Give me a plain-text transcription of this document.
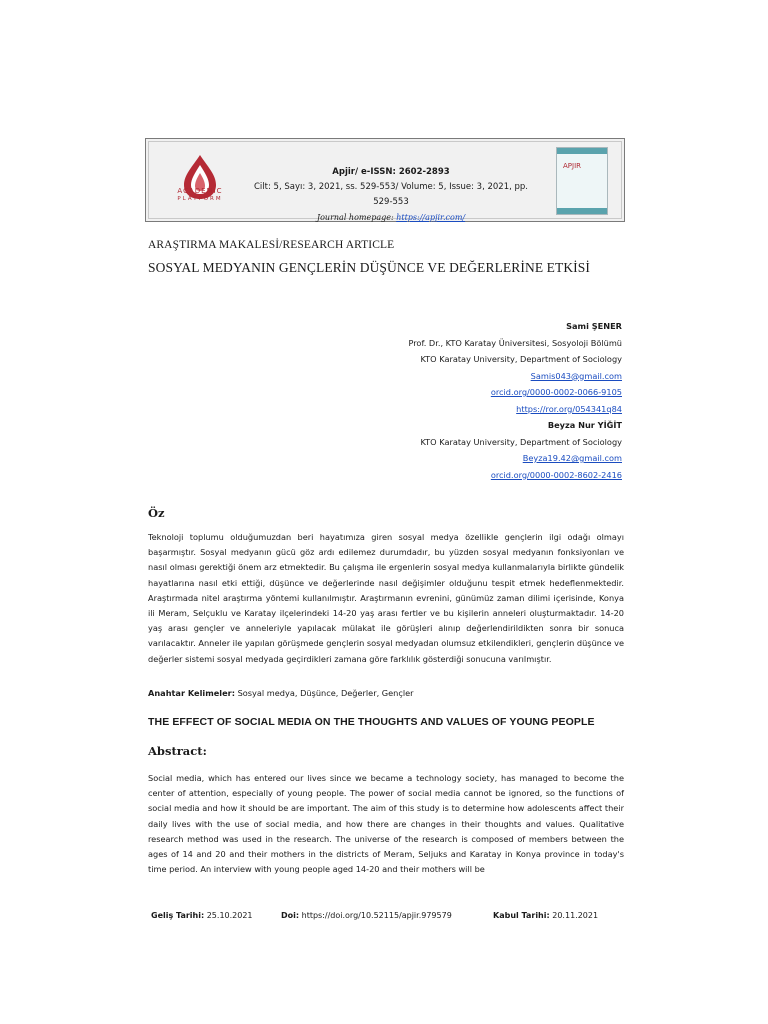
ACADEMIC
PLATFORM
Apjir/ e-ISSN: 2602-2893
Cilt: 5, Sayı: 3, 2021, ss. 529-553/ Volume: 5, Issue: 3, 2021, pp. 529-553
Journal homepage: https://apjir.com/
APJIR
ARAŞTIRMA MAKALESİ/RESEARCH ARTICLE
SOSYAL MEDYANIN GENÇLERİN DÜŞÜNCE VE DEĞERLERİNE ETKİSİ
Sami ŞENER
Prof. Dr., KTO Karatay Üniversitesi, Sosyoloji Bölümü
KTO Karatay University, Department of Sociology
Samis043@gmail.com
orcid.org/0000-0002-0066-9105
https://ror.org/054341q84
Beyza Nur YİĞİT
KTO Karatay University, Department of Sociology
Beyza19.42@gmail.com
orcid.org/0000-0002-8602-2416
Öz
Teknoloji toplumu olduğumuzdan beri hayatımıza giren sosyal medya özellikle gençlerin ilgi odağı olmayı başarmıştır. Sosyal medyanın gücü göz ardı edilemez durumdadır, bu yüzden sosyal medyanın fonksiyonları ve nasıl olması gerektiği önem arz etmektedir. Bu çalışma ile ergenlerin sosyal medya kullanmalarıyla birlikte gündelik hayatlarına nasıl etki ettiği, düşünce ve değerlerinde nasıl değişimler olduğunu tespit etmek hedeflenmektedir. Araştırmada nitel araştırma yöntemi kullanılmıştır. Araştırmanın evrenini, günümüz zaman dilimi içerisinde, Konya ili Meram, Selçuklu ve Karatay ilçelerindeki 14-20 yaş arası fertler ve bu kişilerin anneleri oluşturmaktadır. 14-20 yaş arası gençler ve anneleriyle yapılacak mülakat ile görüşleri alınıp değerlendirildikten sonra bir sonuca varılacaktır. Anneler ile yapılan görüşmede gençlerin sosyal medyadan olumsuz etkilendikleri, gençlerin düşünce ve değerler sistemi sosyal medyada geçirdikleri zamana göre farklılık gösterdiği sonucuna varılmıştır.
Anahtar Kelimeler: Sosyal medya, Düşünce, Değerler, Gençler
THE EFFECT OF SOCIAL MEDIA ON THE THOUGHTS AND VALUES OF YOUNG PEOPLE
Abstract:
Social media, which has entered our lives since we became a technology society, has managed to become the center of attention, especially of young people. The power of social media cannot be ignored, so the functions of social media and how it should be are important. The aim of this study is to determine how adolescents affect their daily lives with the use of social media, and how there are changes in their thoughts and values. Qualitative research method was used in the research. The universe of the research is composed of members between the ages of 14 and 20 and their mothers in the districts of Meram, Seljuks and Karatay in Konya province in today's time period. An interview with young people aged 14-20 and their mothers will be
Geliş Tarihi: 25.10.2021	Doi: https://doi.org/10.52115/apjir.979579	Kabul Tarihi: 20.11.2021
